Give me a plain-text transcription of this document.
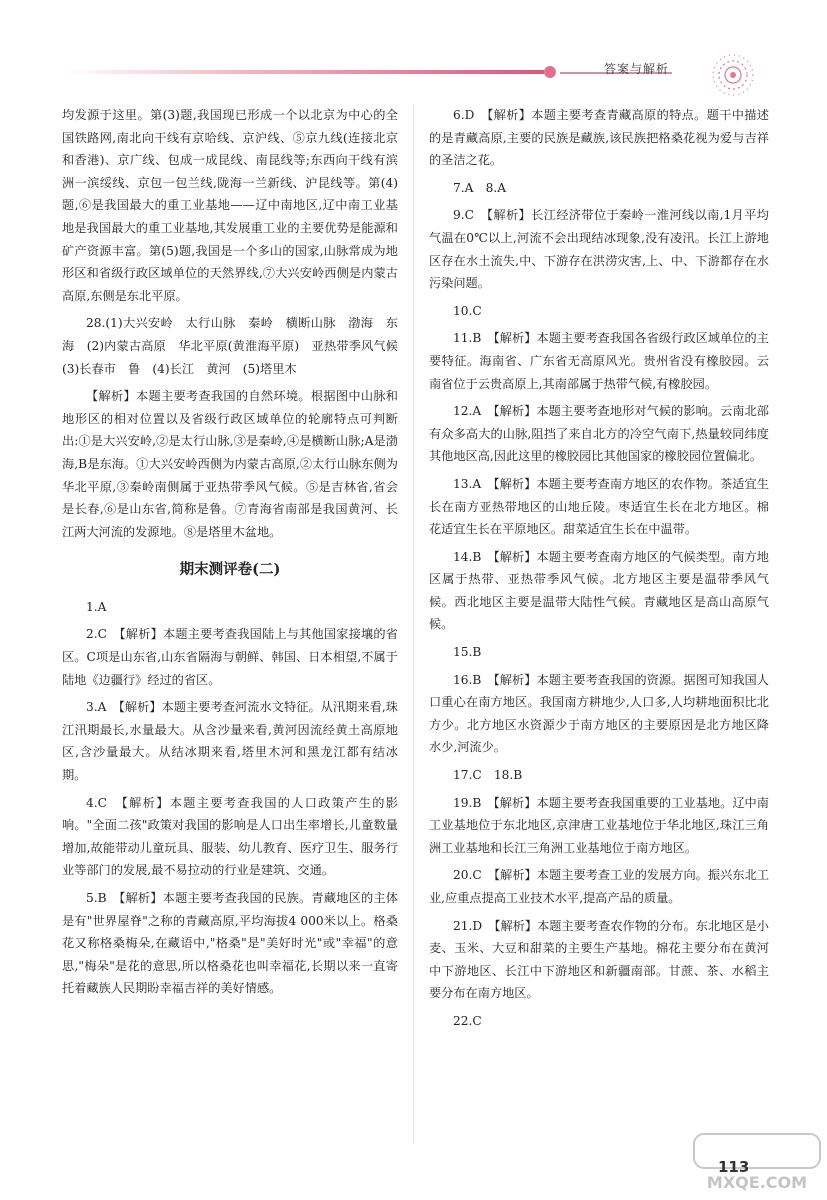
答案与解析

均发源于这里。第(3)题,我国现已形成一个以北京为中心的全国铁路网,南北向干线有京哈线、京沪线、⑤京九线(连接北京和香港)、京广线、包成一成昆线、南昆线等;东西向干线有滨洲一滨绥线、京包一包兰线,陇海一兰新线、沪昆线等。第(4)题,⑥是我国最大的重工业基地——辽中南地区,辽中南工业基地是我国最大的重工业基地,其发展重工业的主要优势是能源和矿产资源丰富。第(5)题,我国是一个多山的国家,山脉常成为地形区和省级行政区域单位的天然界线,⑦大兴安岭西侧是内蒙古高原,东侧是东北平原。

28.(1)大兴安岭　太行山脉　秦岭　横断山脉　渤海　东海　(2)内蒙古高原　华北平原(黄淮海平原)　亚热带季风气候　(3)长春市　鲁　(4)长江　黄河　(5)塔里木

【解析】本题主要考查我国的自然环境。根据图中山脉和地形区的相对位置以及省级行政区域单位的轮廓特点可判断出:①是大兴安岭,②是太行山脉,③是秦岭,④是横断山脉;A是渤海,B是东海。①大兴安岭西侧为内蒙古高原,②太行山脉东侧为华北平原,③秦岭南侧属于亚热带季风气候。⑤是吉林省,省会是长春,⑥是山东省,简称是鲁。⑦青海省南部是我国黄河、长江两大河流的发源地。⑧是塔里木盆地。

期末测评卷(二)

1.A

2.C　【解析】本题主要考查我国陆上与其他国家接壤的省区。C项是山东省,山东省隔海与朝鲜、韩国、日本相望,不属于陆地《边疆行》经过的省区。

3.A　【解析】本题主要考查河流水文特征。从汛期来看,珠江汛期最长,水量最大。从含沙量来看,黄河因流经黄土高原地区,含沙量最大。从结冰期来看,塔里木河和黑龙江都有结冰期。

4.C　【解析】本题主要考查我国的人口政策产生的影响。"全面二孩"政策对我国的影响是人口出生率增长,儿童数量增加,故能带动儿童玩具、服装、幼儿教育、医疗卫生、服务行业等部门的发展,最不易拉动的行业是建筑、交通。

5.B　【解析】本题主要考查我国的民族。青藏地区的主体是有"世界屋脊"之称的青藏高原,平均海拔4 000米以上。格桑花又称格桑梅朵,在藏语中,"格桑"是"美好时光"或"幸福"的意思,"梅朵"是花的意思,所以格桑花也叫幸福花,长期以来一直寄托着藏族人民期盼幸福吉祥的美好情感。

6.D　【解析】本题主要考查青藏高原的特点。题干中描述的是青藏高原,主要的民族是藏族,该民族把格桑花视为爱与吉祥的圣洁之花。

7.A　8.A

9.C　【解析】长江经济带位于秦岭一淮河线以南,1月平均气温在0℃以上,河流不会出现结冰现象,没有凌汛。长江上游地区存在水土流失,中、下游存在洪涝灾害,上、中、下游都存在水污染问题。

10.C

11.B　【解析】本题主要考查我国各省级行政区域单位的主要特征。海南省、广东省无高原风光。贵州省没有橡胶园。云南省位于云贵高原上,其南部属于热带气候,有橡胶园。

12.A　【解析】本题主要考查地形对气候的影响。云南北部有众多高大的山脉,阻挡了来自北方的冷空气南下,热量较同纬度其他地区高,因此这里的橡胶园比其他国家的橡胶园位置偏北。

13.A　【解析】本题主要考查南方地区的农作物。茶适宜生长在南方亚热带地区的山地丘陵。枣适宜生长在北方地区。棉花适宜生长在平原地区。甜菜适宜生长在中温带。

14.B　【解析】本题主要考查南方地区的气候类型。南方地区属于热带、亚热带季风气候。北方地区主要是温带季风气候。西北地区主要是温带大陆性气候。青藏地区是高山高原气候。

15.B

16.B　【解析】本题主要考查我国的资源。据图可知我国人口重心在南方地区。我国南方耕地少,人口多,人均耕地面积比北方少。北方地区水资源少于南方地区的主要原因是北方地区降水少,河流少。

17.C　18.B

19.B　【解析】本题主要考查我国重要的工业基地。辽中南工业基地位于东北地区,京津唐工业基地位于华北地区,珠江三角洲工业基地和长江三角洲工业基地位于南方地区。

20.C　【解析】本题主要考查工业的发展方向。振兴东北工业,应重点提高工业技术水平,提高产品的质量。

21.D　【解析】本题主要考查农作物的分布。东北地区是小麦、玉米、大豆和甜菜的主要生产基地。棉花主要分布在黄河中下游地区、长江中下游地区和新疆南部。甘蔗、茶、水稻主要分布在南方地区。

22.C

MXQE.COM
113
